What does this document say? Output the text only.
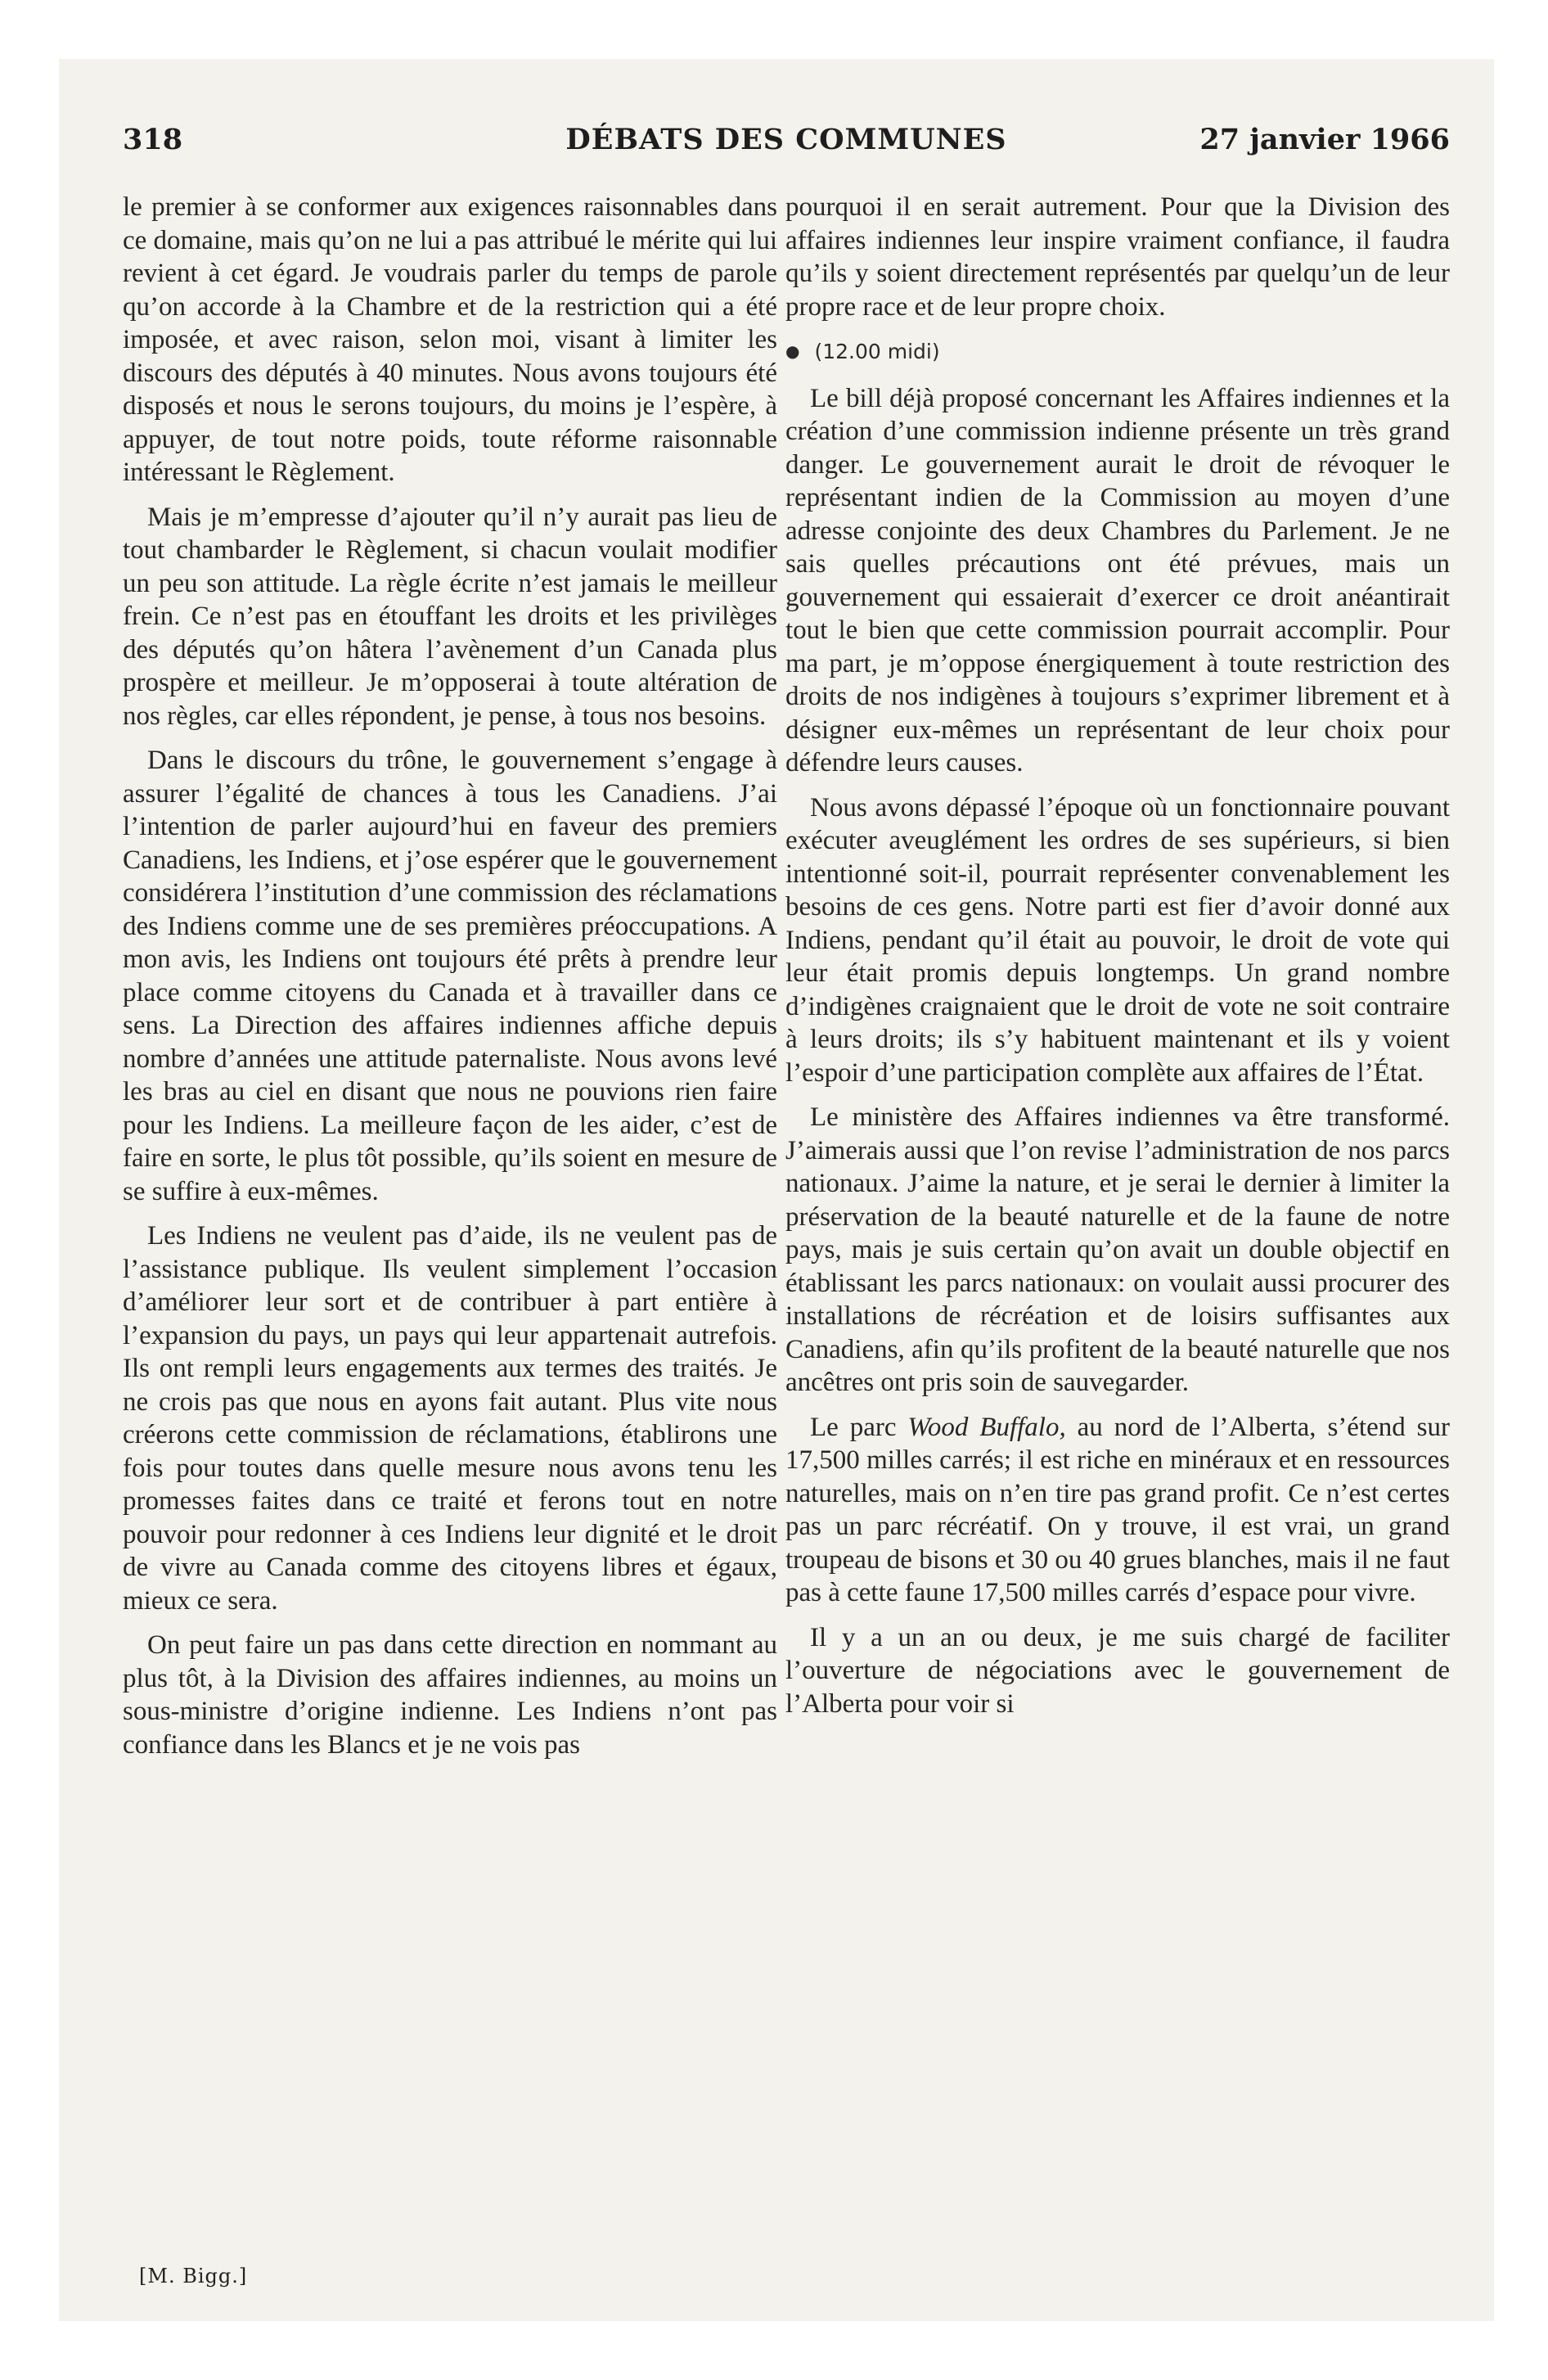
318	DÉBATS DES COMMUNES	27 janvier 1966

le premier à se conformer aux exigences raisonnables dans ce domaine, mais qu’on ne lui a pas attribué le mérite qui lui revient à cet égard. Je voudrais parler du temps de parole qu’on accorde à la Chambre et de la restriction qui a été imposée, et avec raison, selon moi, visant à limiter les discours des députés à 40 minutes. Nous avons toujours été disposés et nous le serons toujours, du moins je l’espère, à appuyer, de tout notre poids, toute réforme raisonnable intéressant le Règlement.

Mais je m’empresse d’ajouter qu’il n’y aurait pas lieu de tout chambarder le Règlement, si chacun voulait modifier un peu son attitude. La règle écrite n’est jamais le meilleur frein. Ce n’est pas en étouffant les droits et les privilèges des députés qu’on hâtera l’avènement d’un Canada plus prospère et meilleur. Je m’opposerai à toute altération de nos règles, car elles répondent, je pense, à tous nos besoins.

Dans le discours du trône, le gouvernement s’engage à assurer l’égalité de chances à tous les Canadiens. J’ai l’intention de parler aujourd’hui en faveur des premiers Canadiens, les Indiens, et j’ose espérer que le gouvernement considérera l’institution d’une commission des réclamations des Indiens comme une de ses premières préoccupations. A mon avis, les Indiens ont toujours été prêts à prendre leur place comme citoyens du Canada et à travailler dans ce sens. La Direction des affaires indiennes affiche depuis nombre d’années une attitude paternaliste. Nous avons levé les bras au ciel en disant que nous ne pouvions rien faire pour les Indiens. La meilleure façon de les aider, c’est de faire en sorte, le plus tôt possible, qu’ils soient en mesure de se suffire à eux-mêmes.

Les Indiens ne veulent pas d’aide, ils ne veulent pas de l’assistance publique. Ils veulent simplement l’occasion d’améliorer leur sort et de contribuer à part entière à l’expansion du pays, un pays qui leur appartenait autrefois. Ils ont rempli leurs engagements aux termes des traités. Je ne crois pas que nous en ayons fait autant. Plus vite nous créerons cette commission de réclamations, établirons une fois pour toutes dans quelle mesure nous avons tenu les promesses faites dans ce traité et ferons tout en notre pouvoir pour redonner à ces Indiens leur dignité et le droit de vivre au Canada comme des citoyens libres et égaux, mieux ce sera.

On peut faire un pas dans cette direction en nommant au plus tôt, à la Division des affaires indiennes, au moins un sous-ministre d’origine indienne. Les Indiens n’ont pas confiance dans les Blancs et je ne vois pas

[M. Bigg.]

pourquoi il en serait autrement. Pour que la Division des affaires indiennes leur inspire vraiment confiance, il faudra qu’ils y soient directement représentés par quelqu’un de leur propre race et de leur propre choix.

● (12.00 midi)

Le bill déjà proposé concernant les Affaires indiennes et la création d’une commission indienne présente un très grand danger. Le gouvernement aurait le droit de révoquer le représentant indien de la Commission au moyen d’une adresse conjointe des deux Chambres du Parlement. Je ne sais quelles précautions ont été prévues, mais un gouvernement qui essaierait d’exercer ce droit anéantirait tout le bien que cette commission pourrait accomplir. Pour ma part, je m’oppose énergiquement à toute restriction des droits de nos indigènes à toujours s’exprimer librement et à désigner eux-mêmes un représentant de leur choix pour défendre leurs causes.

Nous avons dépassé l’époque où un fonctionnaire pouvant exécuter aveuglément les ordres de ses supérieurs, si bien intentionné soit-il, pourrait représenter convenablement les besoins de ces gens. Notre parti est fier d’avoir donné aux Indiens, pendant qu’il était au pouvoir, le droit de vote qui leur était promis depuis longtemps. Un grand nombre d’indigènes craignaient que le droit de vote ne soit contraire à leurs droits; ils s’y habituent maintenant et ils y voient l’espoir d’une participation complète aux affaires de l’État.

Le ministère des Affaires indiennes va être transformé. J’aimerais aussi que l’on revise l’administration de nos parcs nationaux. J’aime la nature, et je serai le dernier à limiter la préservation de la beauté naturelle et de la faune de notre pays, mais je suis certain qu’on avait un double objectif en établissant les parcs nationaux: on voulait aussi procurer des installations de récréation et de loisirs suffisantes aux Canadiens, afin qu’ils profitent de la beauté naturelle que nos ancêtres ont pris soin de sauvegarder.

Le parc Wood Buffalo, au nord de l’Alberta, s’étend sur 17,500 milles carrés; il est riche en minéraux et en ressources naturelles, mais on n’en tire pas grand profit. Ce n’est certes pas un parc récréatif. On y trouve, il est vrai, un grand troupeau de bisons et 30 ou 40 grues blanches, mais il ne faut pas à cette faune 17,500 milles carrés d’espace pour vivre.

Il y a un an ou deux, je me suis chargé de faciliter l’ouverture de négociations avec le gouvernement de l’Alberta pour voir si
